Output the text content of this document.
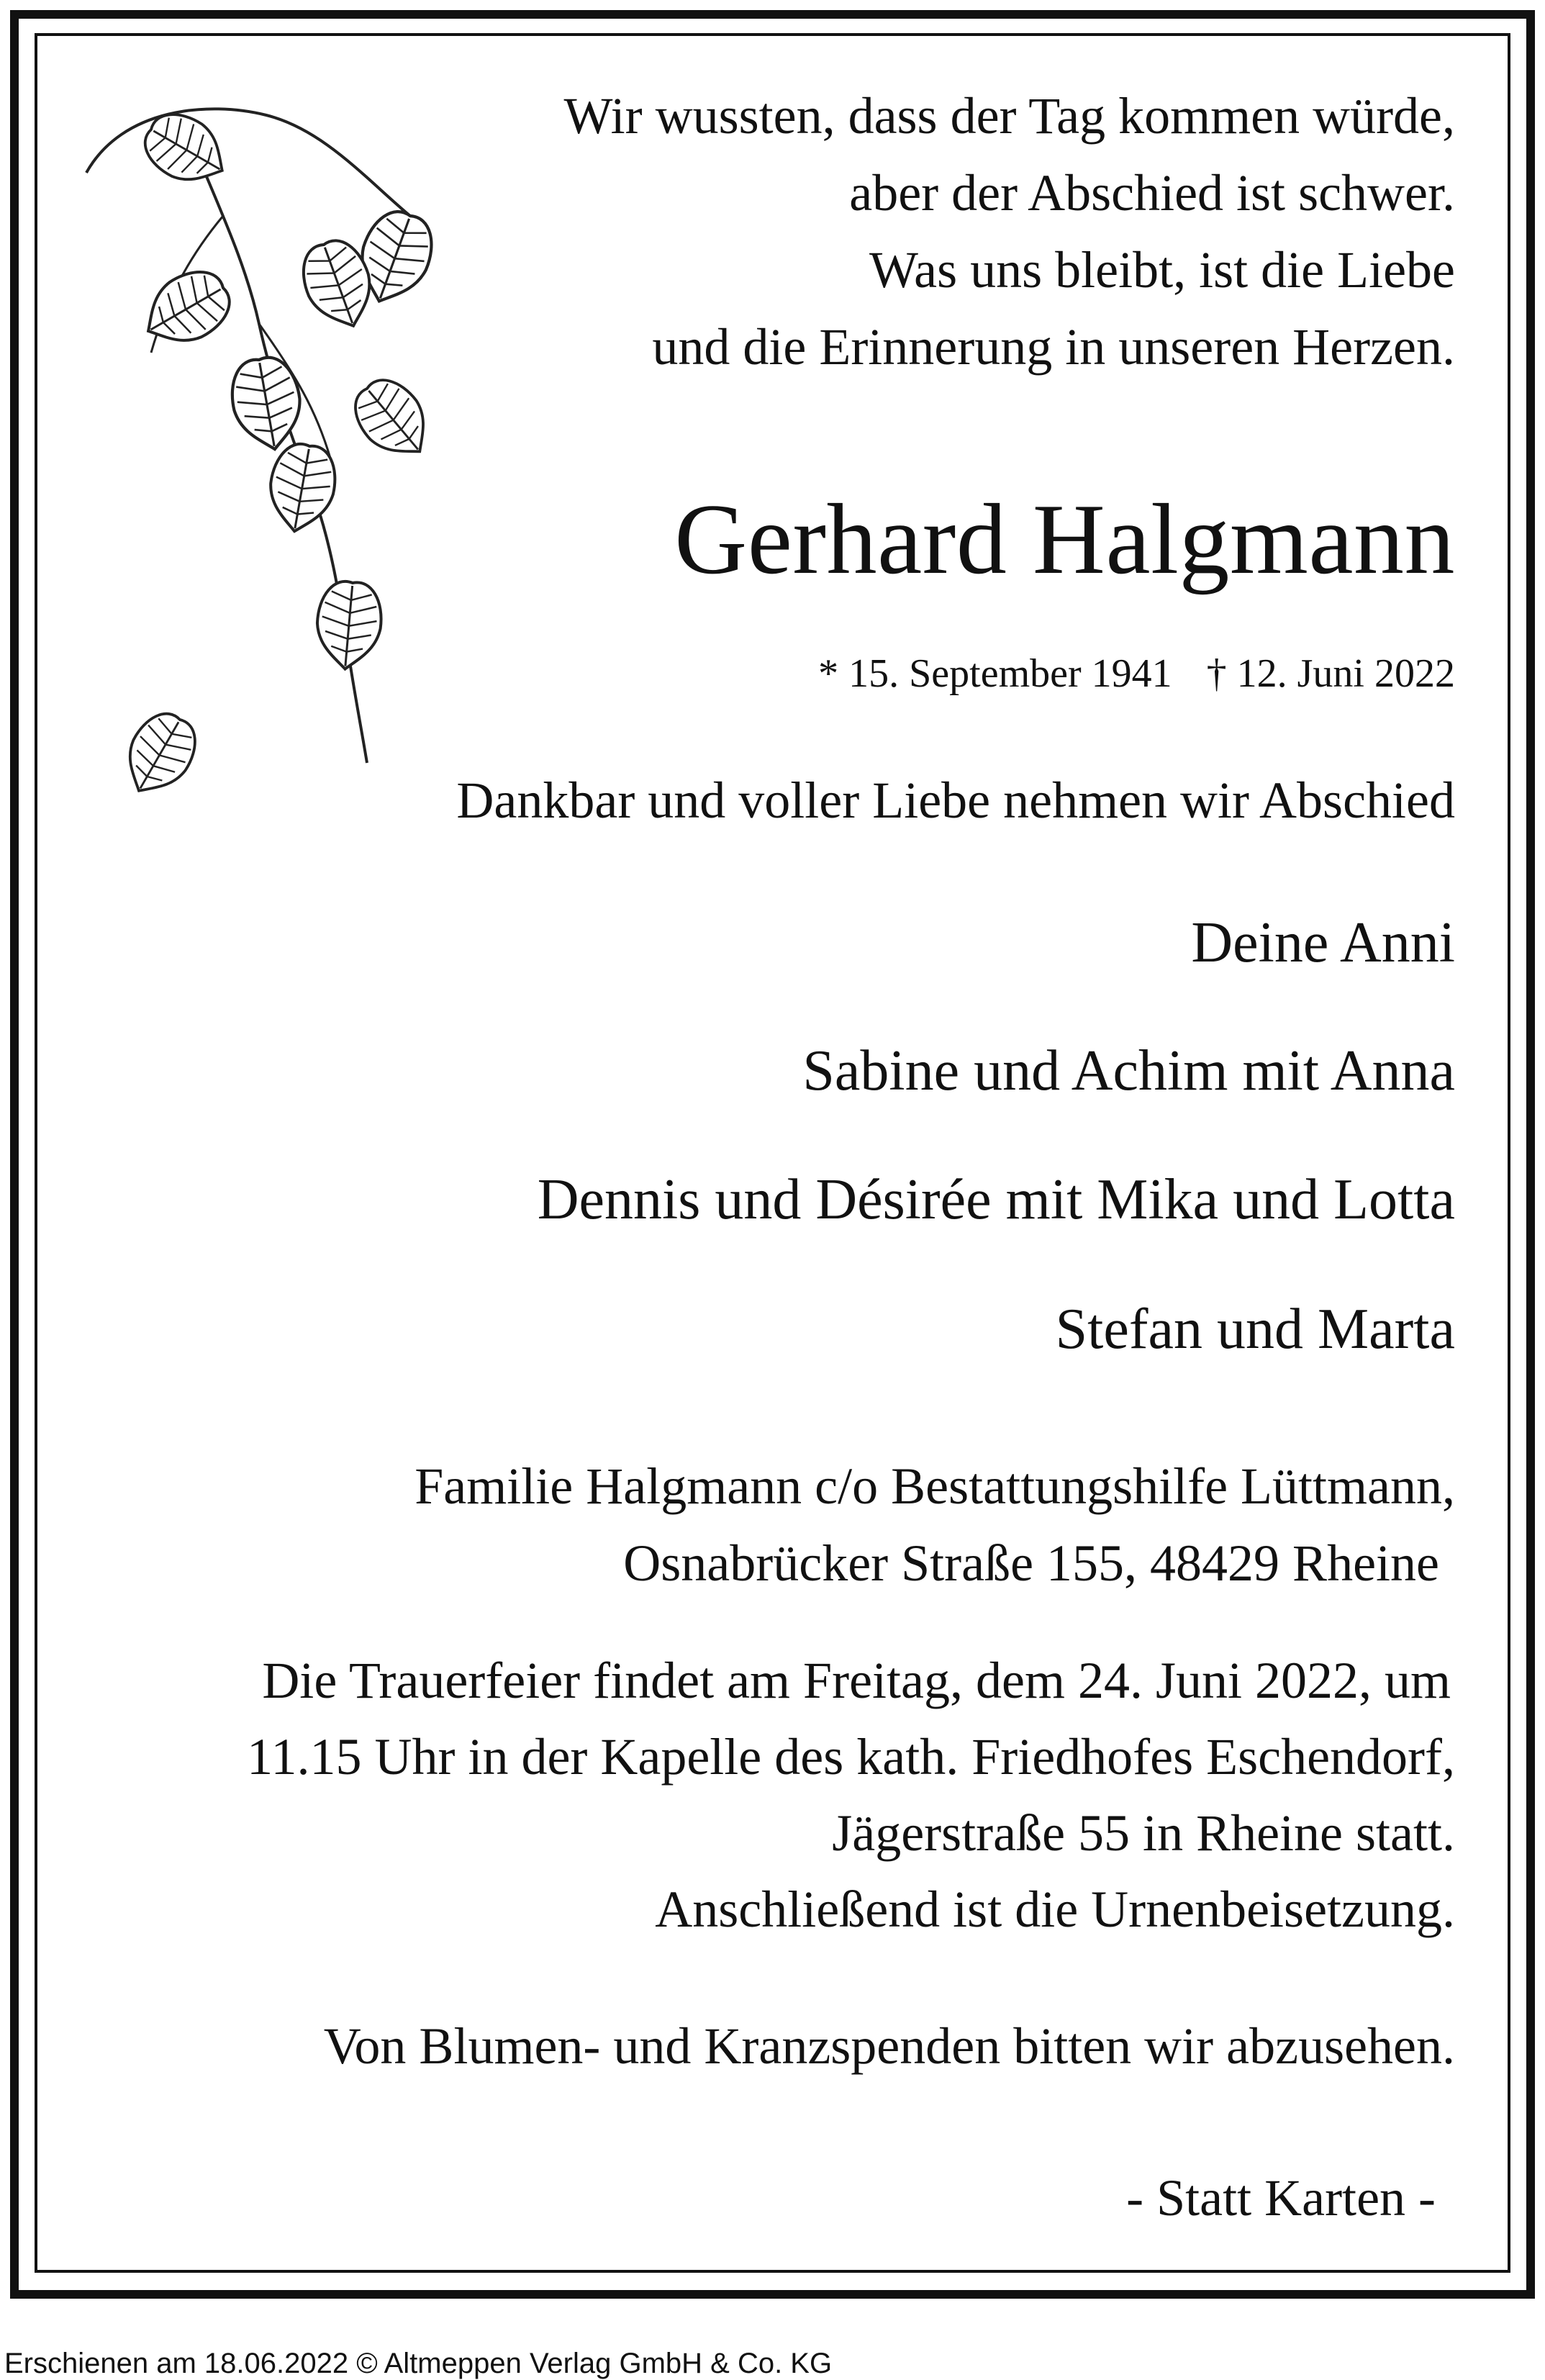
Wir wussten, dass der Tag kommen würde,
aber der Abschied ist schwer.
Was uns bleibt, ist die Liebe
und die Erinnerung in unseren Herzen.
Gerhard Halgmann
* 15. September 1941 † 12. Juni 2022
Dankbar und voller Liebe nehmen wir Abschied
Deine Anni
Sabine und Achim mit Anna
Dennis und Désirée mit Mika und Lotta
Stefan und Marta
Familie Halgmann c/o Bestattungshilfe Lüttmann,
Osnabrücker Straße 155, 48429 Rheine
Die Trauerfeier findet am Freitag, dem 24. Juni 2022, um
11.15 Uhr in der Kapelle des kath. Friedhofes Eschendorf,
Jägerstraße 55 in Rheine statt.
Anschließend ist die Urnenbeisetzung.
Von Blumen- und Kranzspenden bitten wir abzusehen.
- Statt Karten -
Erschienen am 18.06.2022 © Altmeppen Verlag GmbH & Co. KG
